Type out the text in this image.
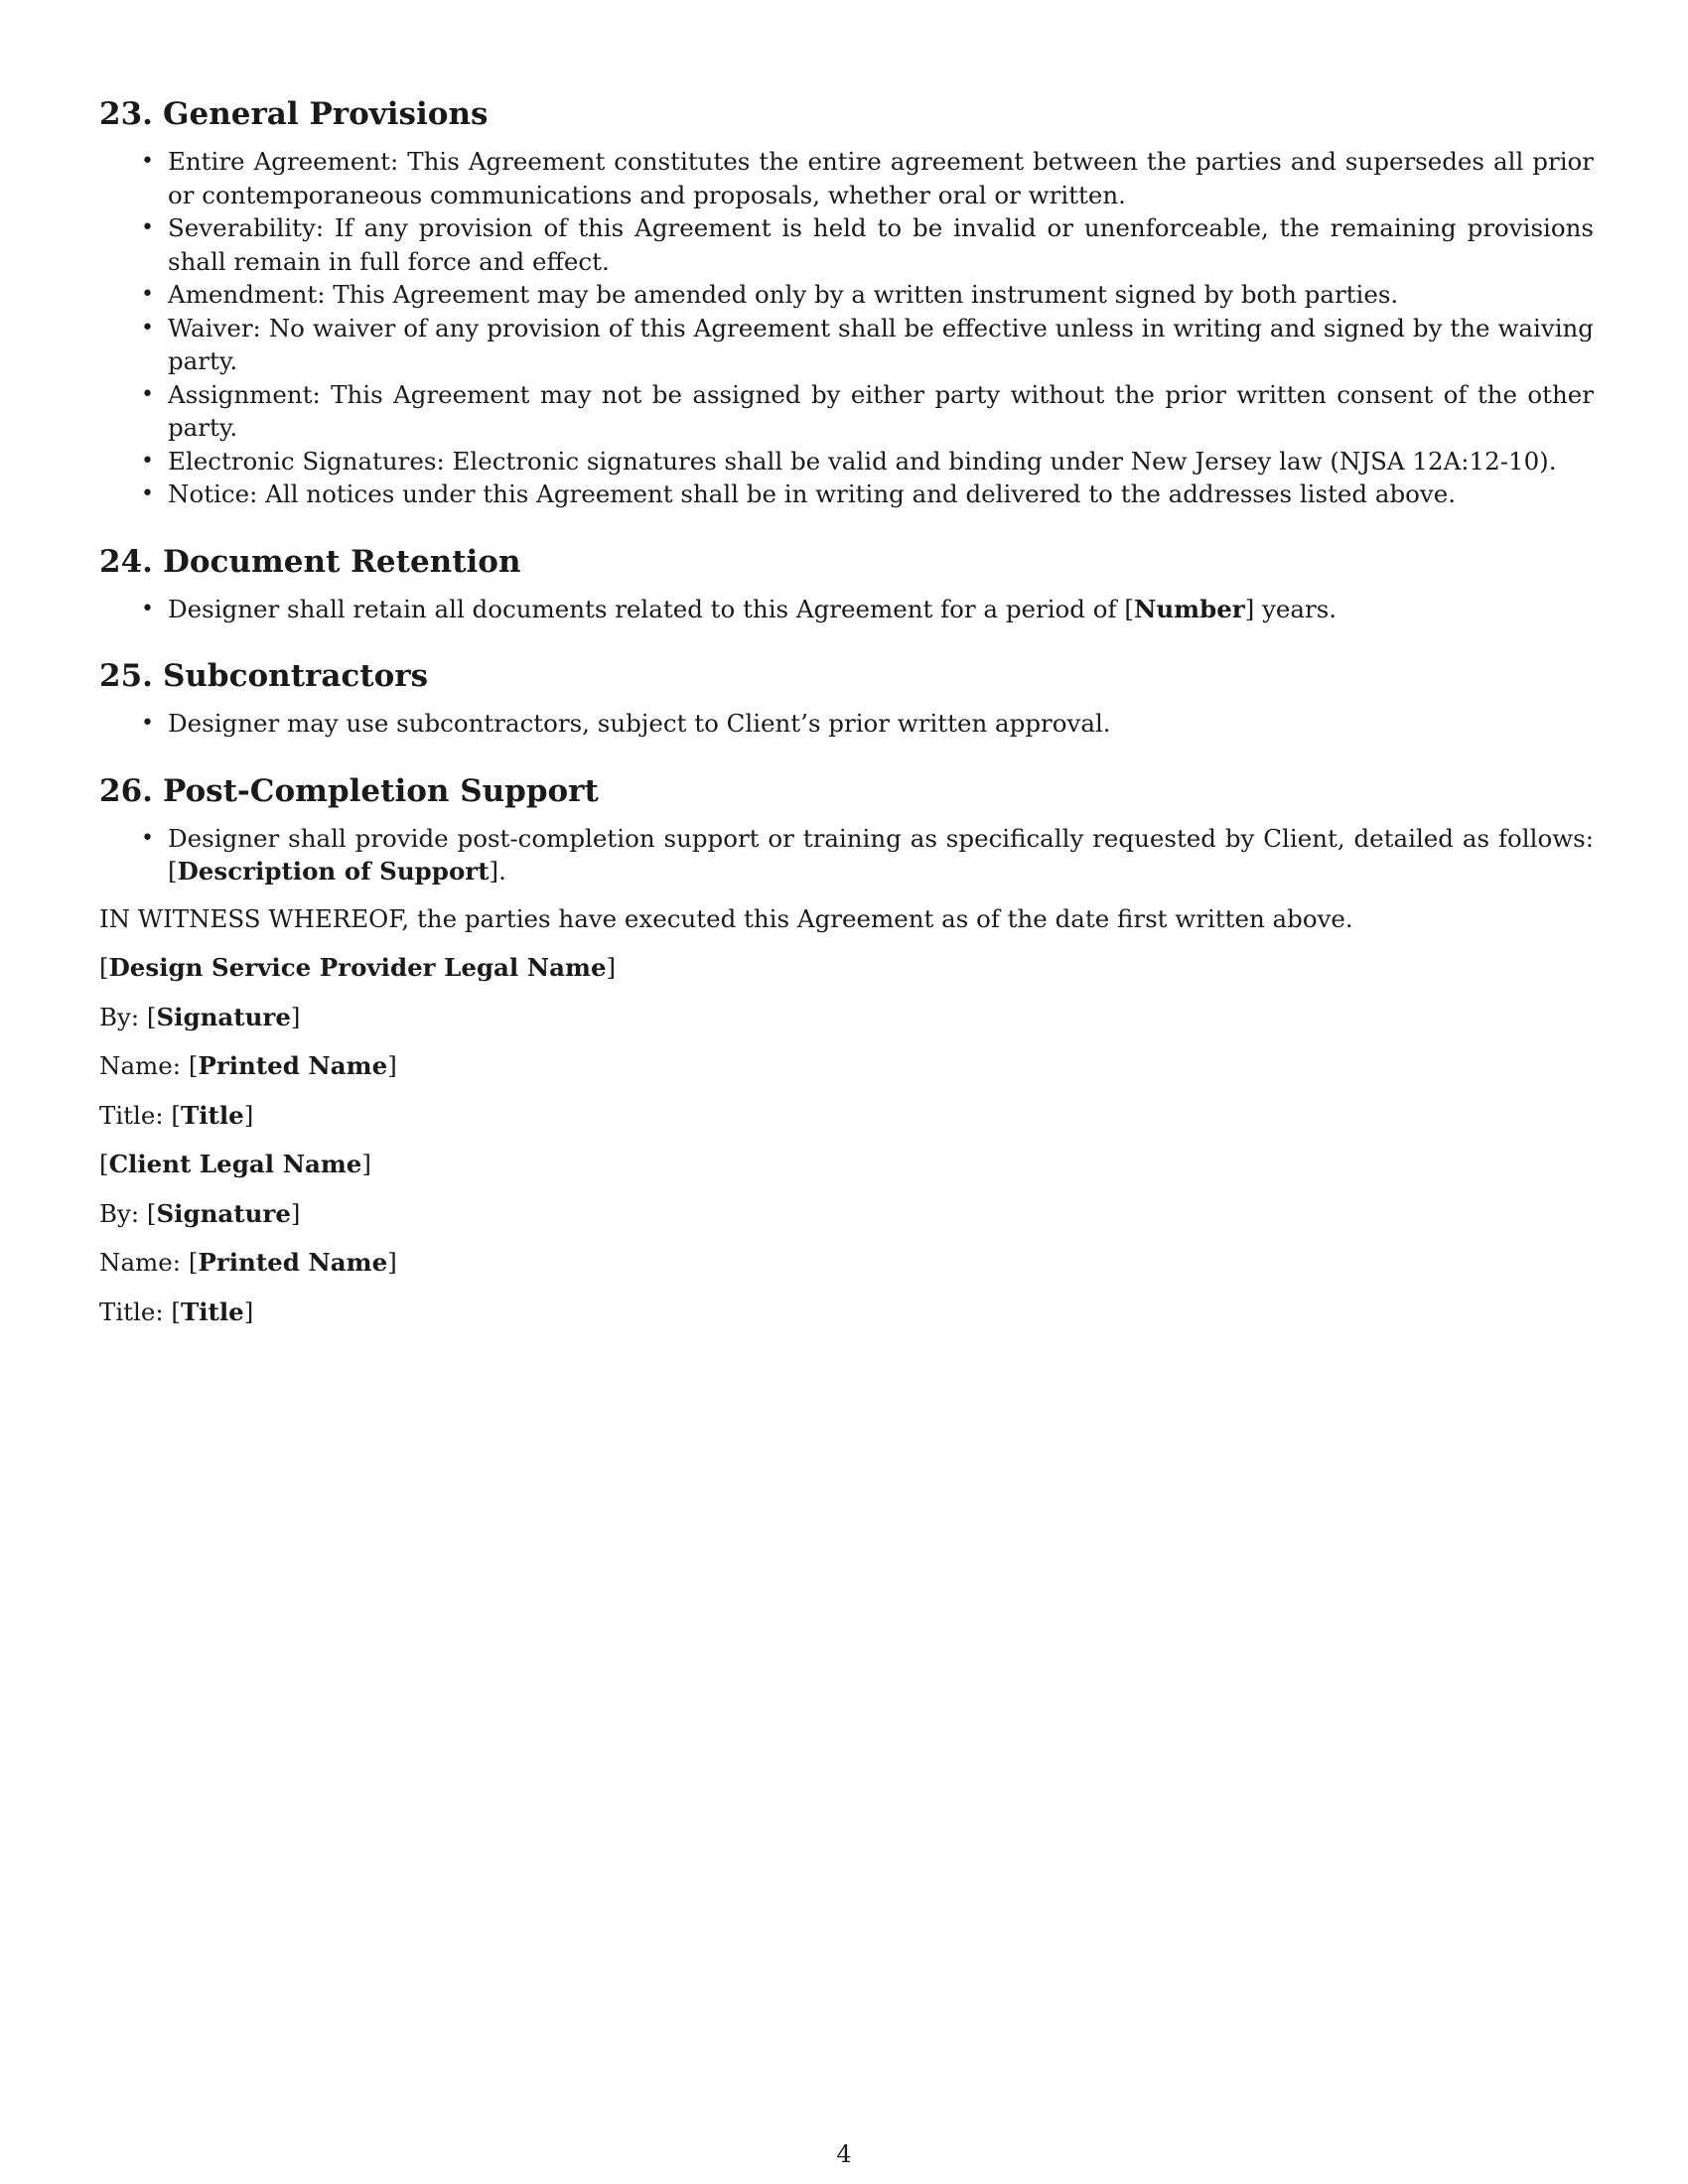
23. General Provisions
• Entire Agreement: This Agreement constitutes the entire agreement between the parties and supersedes all prior or contemporaneous communications and proposals, whether oral or written.
• Severability: If any provision of this Agreement is held to be invalid or unenforceable, the remaining provisions shall remain in full force and effect.
• Amendment: This Agreement may be amended only by a written instrument signed by both parties.
• Waiver: No waiver of any provision of this Agreement shall be effective unless in writing and signed by the waiving party.
• Assignment: This Agreement may not be assigned by either party without the prior written consent of the other party.
• Electronic Signatures: Electronic signatures shall be valid and binding under New Jersey law (NJSA 12A:12-10).
• Notice: All notices under this Agreement shall be in writing and delivered to the addresses listed above.
24. Document Retention
• Designer shall retain all documents related to this Agreement for a period of [Number] years.
25. Subcontractors
• Designer may use subcontractors, subject to Client’s prior written approval.
26. Post-Completion Support
• Designer shall provide post-completion support or training as specifically requested by Client, detailed as follows: [Description of Support].

IN WITNESS WHEREOF, the parties have executed this Agreement as of the date first written above.

[Design Service Provider Legal Name]

By: [Signature]

Name: [Printed Name]

Title: [Title]

[Client Legal Name]

By: [Signature]

Name: [Printed Name]

Title: [Title]

4
